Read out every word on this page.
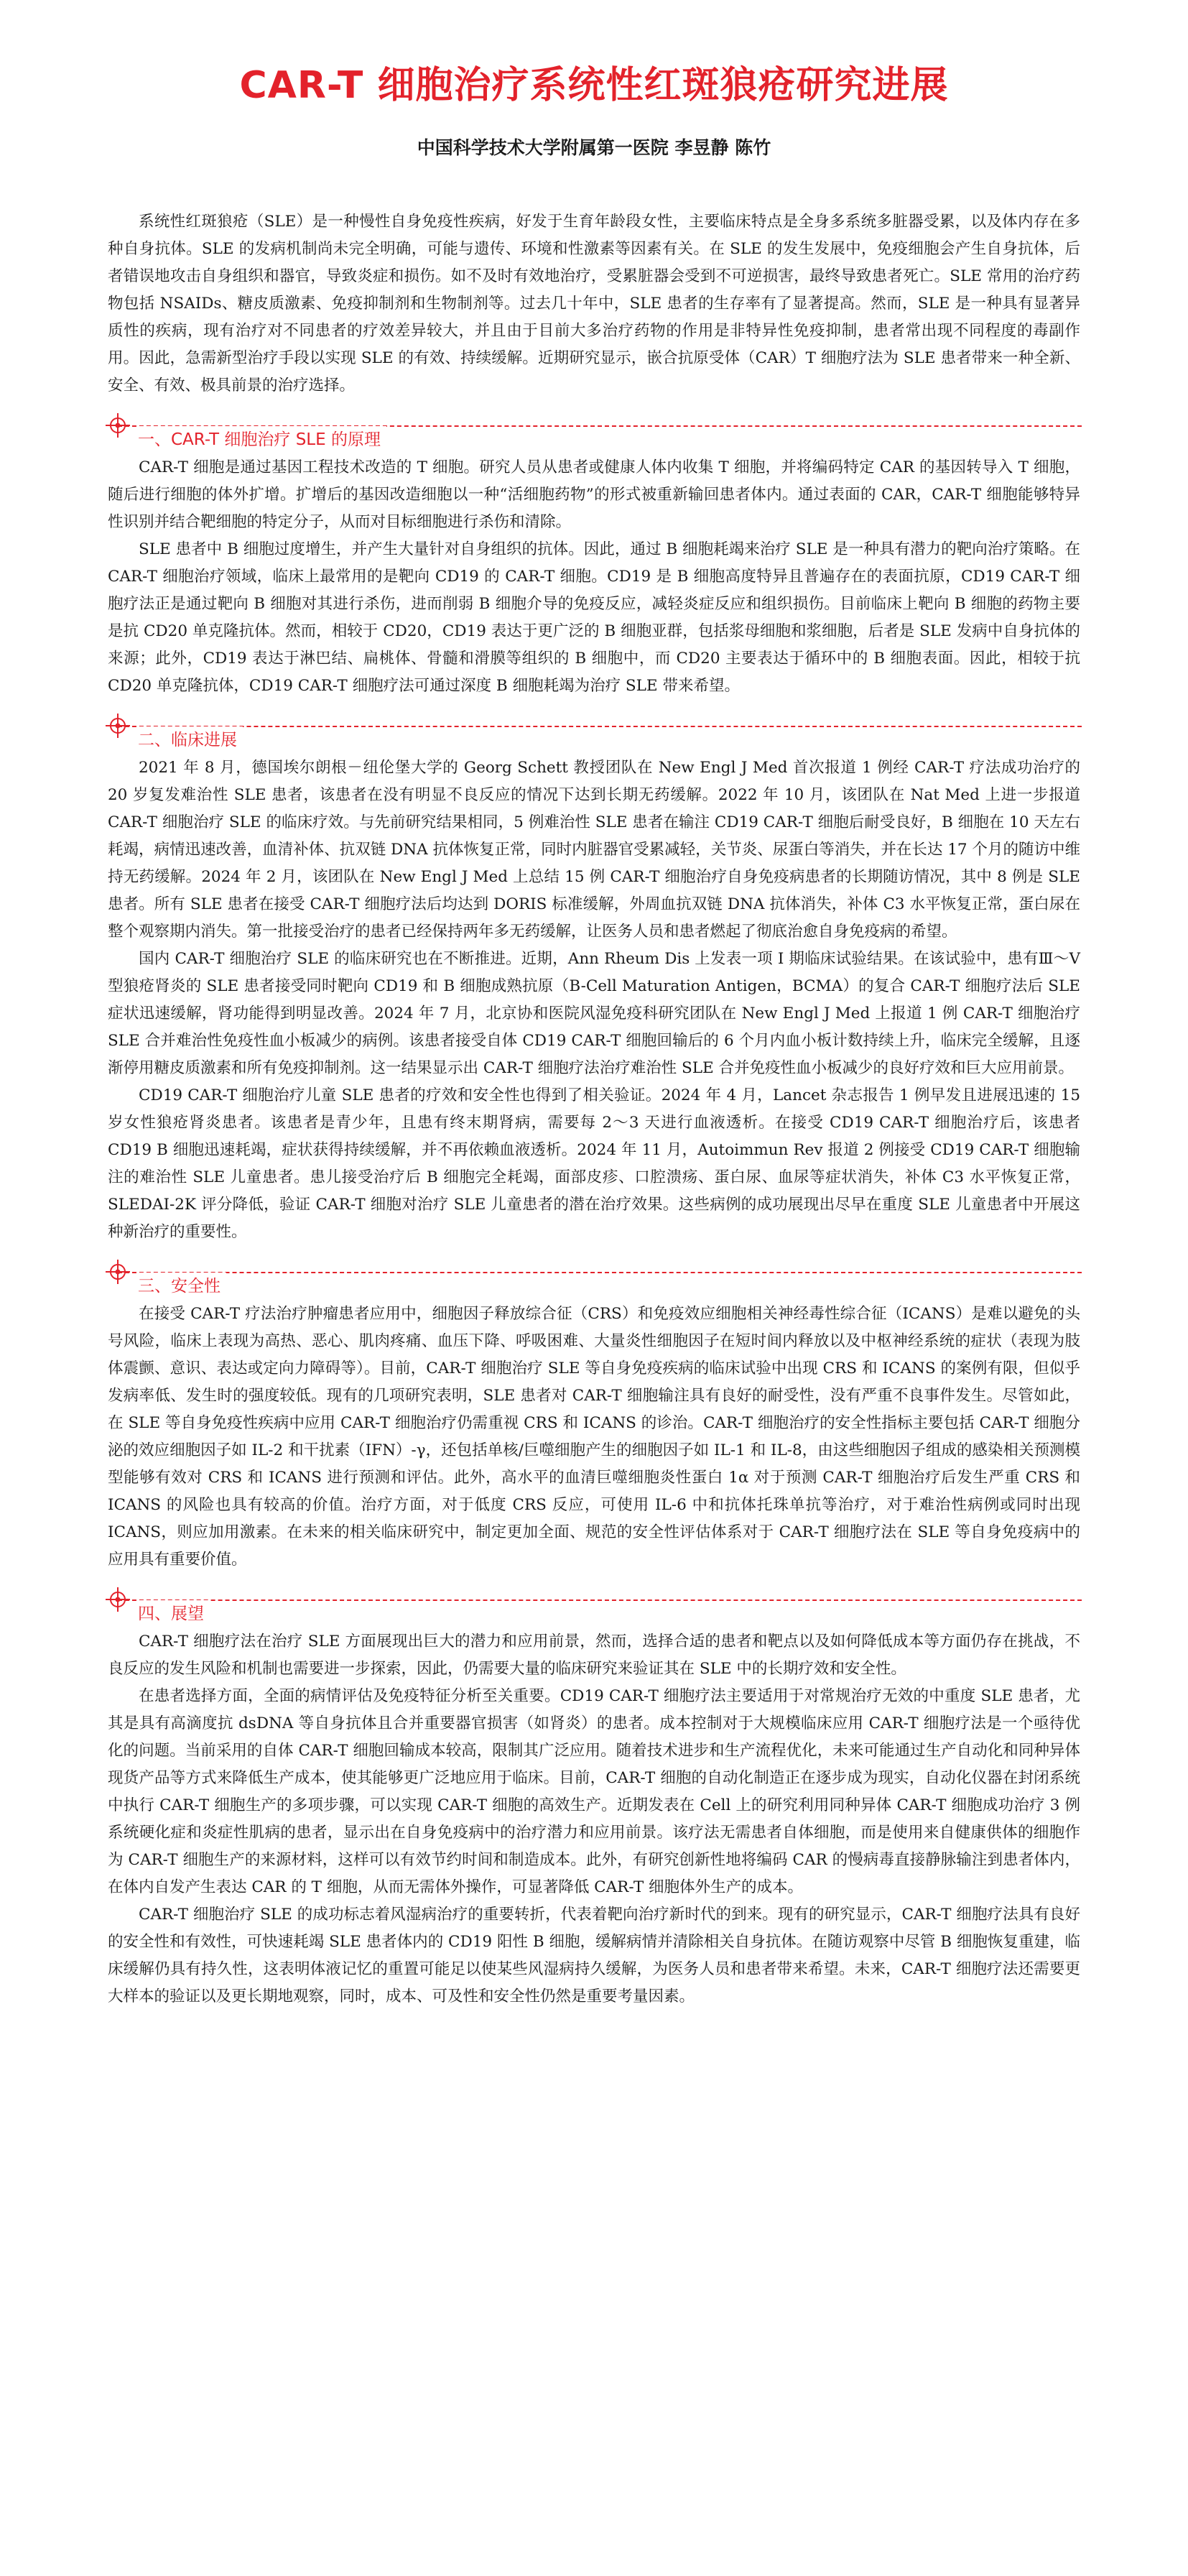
CAR-T 细胞治疗系统性红斑狼疮研究进展
中国科学技术大学附属第一医院 李昱静 陈竹

系统性红斑狼疮（SLE）是一种慢性自身免疫性疾病，好发于生育年龄段女性，主要临床特点是全身多系统多脏器受累，以及体内存在多种自身抗体。SLE 的发病机制尚未完全明确，可能与遗传、环境和性激素等因素有关。在 SLE 的发生发展中，免疫细胞会产生自身抗体，后者错误地攻击自身组织和器官，导致炎症和损伤。如不及时有效地治疗，受累脏器会受到不可逆损害，最终导致患者死亡。SLE 常用的治疗药物包括 NSAIDs、糖皮质激素、免疫抑制剂和生物制剂等。过去几十年中，SLE 患者的生存率有了显著提高。然而，SLE 是一种具有显著异质性的疾病，现有治疗对不同患者的疗效差异较大，并且由于目前大多治疗药物的作用是非特异性免疫抑制，患者常出现不同程度的毒副作用。因此，急需新型治疗手段以实现 SLE 的有效、持续缓解。近期研究显示，嵌合抗原受体（CAR）T 细胞疗法为 SLE 患者带来一种全新、安全、有效、极具前景的治疗选择。

一、CAR-T 细胞治疗 SLE 的原理

CAR-T 细胞是通过基因工程技术改造的 T 细胞。研究人员从患者或健康人体内收集 T 细胞，并将编码特定 CAR 的基因转导入 T 细胞，随后进行细胞的体外扩增。扩增后的基因改造细胞以一种“活细胞药物”的形式被重新输回患者体内。通过表面的 CAR，CAR-T 细胞能够特异性识别并结合靶细胞的特定分子，从而对目标细胞进行杀伤和清除。

SLE 患者中 B 细胞过度增生，并产生大量针对自身组织的抗体。因此，通过 B 细胞耗竭来治疗 SLE 是一种具有潜力的靶向治疗策略。在 CAR-T 细胞治疗领域，临床上最常用的是靶向 CD19 的 CAR-T 细胞。CD19 是 B 细胞高度特异且普遍存在的表面抗原，CD19 CAR-T 细胞疗法正是通过靶向 B 细胞对其进行杀伤，进而削弱 B 细胞介导的免疫反应，减轻炎症反应和组织损伤。目前临床上靶向 B 细胞的药物主要是抗 CD20 单克隆抗体。然而，相较于 CD20，CD19 表达于更广泛的 B 细胞亚群，包括浆母细胞和浆细胞，后者是 SLE 发病中自身抗体的来源；此外，CD19 表达于淋巴结、扁桃体、骨髓和滑膜等组织的 B 细胞中，而 CD20 主要表达于循环中的 B 细胞表面。因此，相较于抗 CD20 单克隆抗体，CD19 CAR-T 细胞疗法可通过深度 B 细胞耗竭为治疗 SLE 带来希望。

二、临床进展

2021 年 8 月，德国埃尔朗根－纽伦堡大学的 Georg Schett 教授团队在 New Engl J Med 首次报道 1 例经 CAR-T 疗法成功治疗的 20 岁复发难治性 SLE 患者，该患者在没有明显不良反应的情况下达到长期无药缓解。2022 年 10 月，该团队在 Nat Med 上进一步报道 CAR-T 细胞治疗 SLE 的临床疗效。与先前研究结果相同，5 例难治性 SLE 患者在输注 CD19 CAR-T 细胞后耐受良好，B 细胞在 10 天左右耗竭，病情迅速改善，血清补体、抗双链 DNA 抗体恢复正常，同时内脏器官受累减轻，关节炎、尿蛋白等消失，并在长达 17 个月的随访中维持无药缓解。2024 年 2 月，该团队在 New Engl J Med 上总结 15 例 CAR-T 细胞治疗自身免疫病患者的长期随访情况，其中 8 例是 SLE 患者。所有 SLE 患者在接受 CAR-T 细胞疗法后均达到 DORIS 标准缓解，外周血抗双链 DNA 抗体消失，补体 C3 水平恢复正常，蛋白尿在整个观察期内消失。第一批接受治疗的患者已经保持两年多无药缓解，让医务人员和患者燃起了彻底治愈自身免疫病的希望。

国内 CAR-T 细胞治疗 SLE 的临床研究也在不断推进。近期，Ann Rheum Dis 上发表一项 I 期临床试验结果。在该试验中，患有Ⅲ～Ⅴ型狼疮肾炎的 SLE 患者接受同时靶向 CD19 和 B 细胞成熟抗原（B-Cell Maturation Antigen，BCMA）的复合 CAR-T 细胞疗法后 SLE 症状迅速缓解，肾功能得到明显改善。2024 年 7 月，北京协和医院风湿免疫科研究团队在 New Engl J Med 上报道 1 例 CAR-T 细胞治疗 SLE 合并难治性免疫性血小板减少的病例。该患者接受自体 CD19 CAR-T 细胞回输后的 6 个月内血小板计数持续上升，临床完全缓解，且逐渐停用糖皮质激素和所有免疫抑制剂。这一结果显示出 CAR-T 细胞疗法治疗难治性 SLE 合并免疫性血小板减少的良好疗效和巨大应用前景。

CD19 CAR-T 细胞治疗儿童 SLE 患者的疗效和安全性也得到了相关验证。2024 年 4 月，Lancet 杂志报告 1 例早发且进展迅速的 15 岁女性狼疮肾炎患者。该患者是青少年，且患有终末期肾病，需要每 2～3 天进行血液透析。在接受 CD19 CAR-T 细胞治疗后，该患者 CD19 B 细胞迅速耗竭，症状获得持续缓解，并不再依赖血液透析。2024 年 11 月，Autoimmun Rev 报道 2 例接受 CD19 CAR-T 细胞输注的难治性 SLE 儿童患者。患儿接受治疗后 B 细胞完全耗竭，面部皮疹、口腔溃疡、蛋白尿、血尿等症状消失，补体 C3 水平恢复正常，SLEDAI-2K 评分降低，验证 CAR-T 细胞对治疗 SLE 儿童患者的潜在治疗效果。这些病例的成功展现出尽早在重度 SLE 儿童患者中开展这种新治疗的重要性。

三、安全性

在接受 CAR-T 疗法治疗肿瘤患者应用中，细胞因子释放综合征（CRS）和免疫效应细胞相关神经毒性综合征（ICANS）是难以避免的头号风险，临床上表现为高热、恶心、肌肉疼痛、血压下降、呼吸困难、大量炎性细胞因子在短时间内释放以及中枢神经系统的症状（表现为肢体震颤、意识、表达或定向力障碍等）。目前，CAR-T 细胞治疗 SLE 等自身免疫疾病的临床试验中出现 CRS 和 ICANS 的案例有限，但似乎发病率低、发生时的强度较低。现有的几项研究表明，SLE 患者对 CAR-T 细胞输注具有良好的耐受性，没有严重不良事件发生。尽管如此，在 SLE 等自身免疫性疾病中应用 CAR-T 细胞治疗仍需重视 CRS 和 ICANS 的诊治。CAR-T 细胞治疗的安全性指标主要包括 CAR-T 细胞分泌的效应细胞因子如 IL-2 和干扰素（IFN）-γ，还包括单核/巨噬细胞产生的细胞因子如 IL-1 和 IL-8，由这些细胞因子组成的感染相关预测模型能够有效对 CRS 和 ICANS 进行预测和评估。此外，高水平的血清巨噬细胞炎性蛋白 1α 对于预测 CAR-T 细胞治疗后发生严重 CRS 和 ICANS 的风险也具有较高的价值。治疗方面，对于低度 CRS 反应，可使用 IL-6 中和抗体托珠单抗等治疗，对于难治性病例或同时出现 ICANS，则应加用激素。在未来的相关临床研究中，制定更加全面、规范的安全性评估体系对于 CAR-T 细胞疗法在 SLE 等自身免疫病中的应用具有重要价值。

四、展望

CAR-T 细胞疗法在治疗 SLE 方面展现出巨大的潜力和应用前景，然而，选择合适的患者和靶点以及如何降低成本等方面仍存在挑战，不良反应的发生风险和机制也需要进一步探索，因此，仍需要大量的临床研究来验证其在 SLE 中的长期疗效和安全性。

在患者选择方面，全面的病情评估及免疫特征分析至关重要。CD19 CAR-T 细胞疗法主要适用于对常规治疗无效的中重度 SLE 患者，尤其是具有高滴度抗 dsDNA 等自身抗体且合并重要器官损害（如肾炎）的患者。成本控制对于大规模临床应用 CAR-T 细胞疗法是一个亟待优化的问题。当前采用的自体 CAR-T 细胞回输成本较高，限制其广泛应用。随着技术进步和生产流程优化，未来可能通过生产自动化和同种异体现货产品等方式来降低生产成本，使其能够更广泛地应用于临床。目前，CAR-T 细胞的自动化制造正在逐步成为现实，自动化仪器在封闭系统中执行 CAR-T 细胞生产的多项步骤，可以实现 CAR-T 细胞的高效生产。近期发表在 Cell 上的研究利用同种异体 CAR-T 细胞成功治疗 3 例系统硬化症和炎症性肌病的患者，显示出在自身免疫病中的治疗潜力和应用前景。该疗法无需患者自体细胞，而是使用来自健康供体的细胞作为 CAR-T 细胞生产的来源材料，这样可以有效节约时间和制造成本。此外，有研究创新性地将编码 CAR 的慢病毒直接静脉输注到患者体内，在体内自发产生表达 CAR 的 T 细胞，从而无需体外操作，可显著降低 CAR-T 细胞体外生产的成本。

CAR-T 细胞治疗 SLE 的成功标志着风湿病治疗的重要转折，代表着靶向治疗新时代的到来。现有的研究显示，CAR-T 细胞疗法具有良好的安全性和有效性，可快速耗竭 SLE 患者体内的 CD19 阳性 B 细胞，缓解病情并清除相关自身抗体。在随访观察中尽管 B 细胞恢复重建，临床缓解仍具有持久性，这表明体液记忆的重置可能足以使某些风湿病持久缓解，为医务人员和患者带来希望。未来，CAR-T 细胞疗法还需要更大样本的验证以及更长期地观察，同时，成本、可及性和安全性仍然是重要考量因素。
